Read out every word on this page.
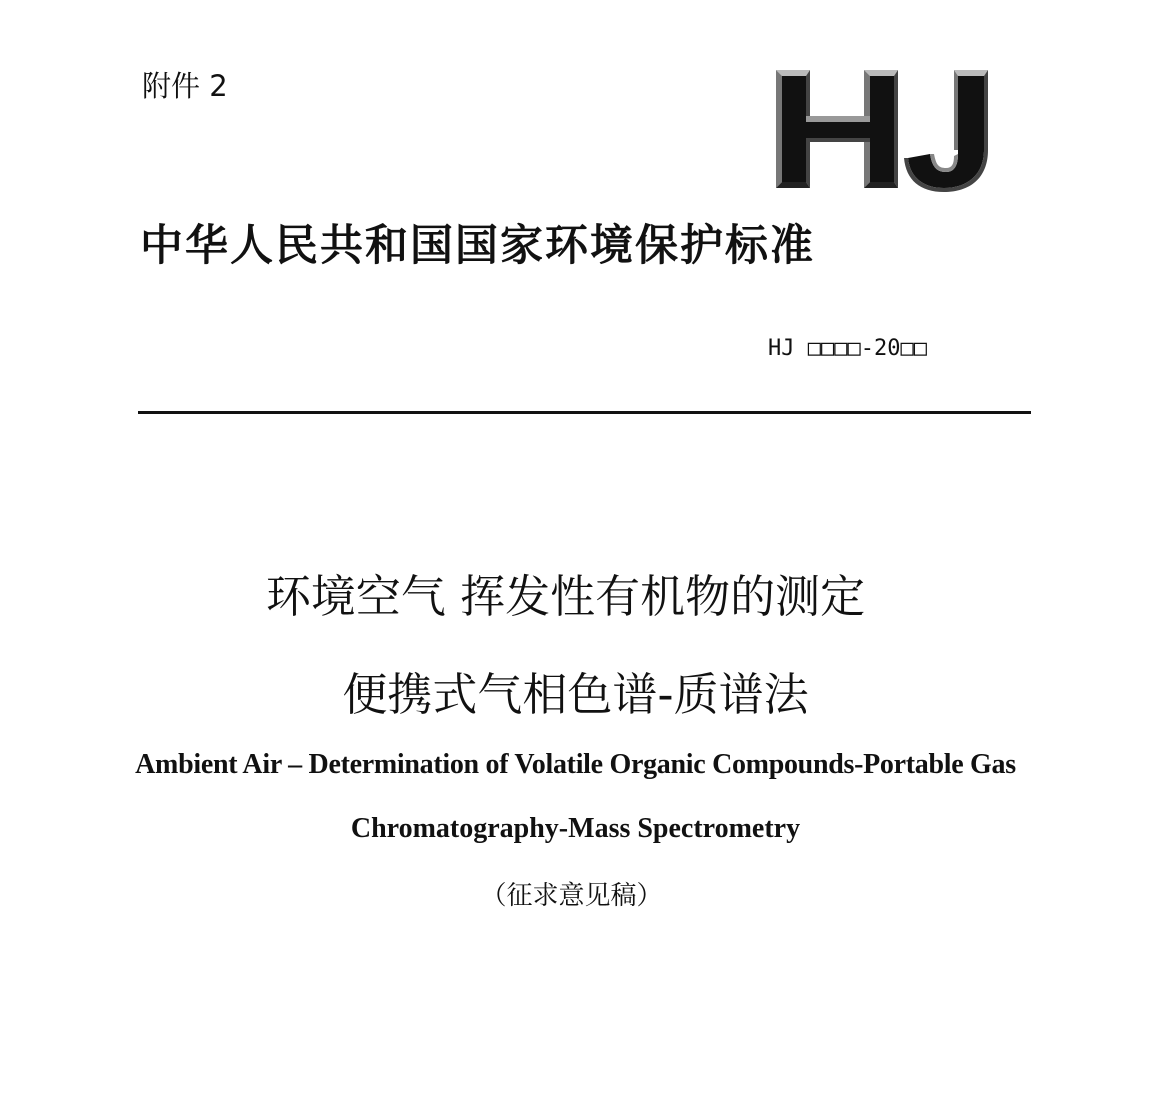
附件 2
中华人民共和国国家环境保护标准
HJ □□□□-20□□
环境空气 挥发性有机物的测定
便携式气相色谱-质谱法
Ambient Air – Determination of Volatile Organic Compounds-Portable Gas
Chromatography-Mass Spectrometry
（征求意见稿）
